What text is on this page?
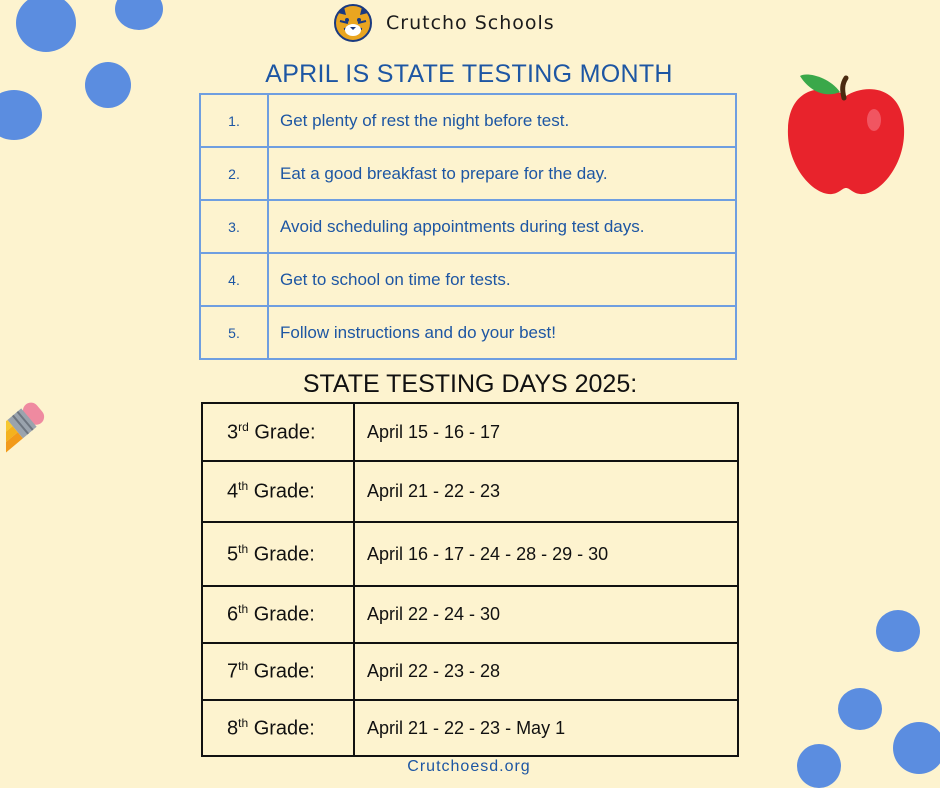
Crutcho Schools
APRIL IS STATE TESTING MONTH
1.	Get plenty of rest the night before test.
2.	Eat a good breakfast to prepare for the day.
3.	Avoid scheduling appointments during test days.
4.	Get to school on time for tests.
5.	Follow instructions and do your best!
STATE TESTING DAYS 2025:
3rd Grade:	April 15 - 16 - 17
4th Grade:	April 21 - 22 - 23
5th Grade:	April 16 - 17 - 24 - 28 - 29 - 30
6th Grade:	April 22 - 24 - 30
7th Grade:	April 22 - 23 - 28
8th Grade:	April 21 - 22 - 23 - May 1
Crutchoesd.org
